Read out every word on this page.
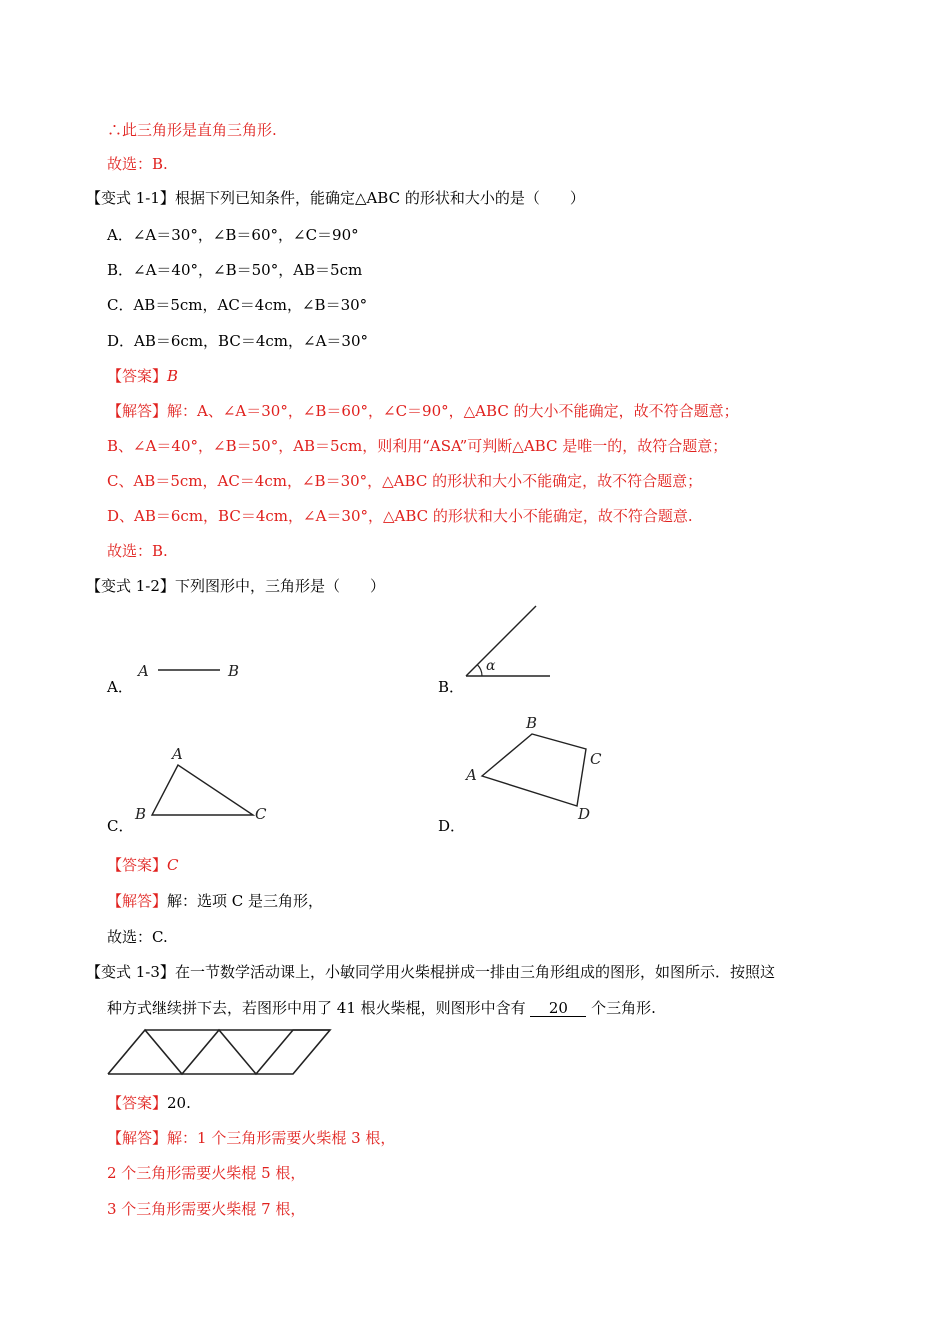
∴此三角形是直角三角形.
故选：B.
【变式 1-1】根据下列已知条件，能确定△ABC 的形状和大小的是（　　）
A．∠A＝30°，∠B＝60°，∠C＝90°
B．∠A＝40°，∠B＝50°，AB＝5cm
C．AB＝5cm，AC＝4cm，∠B＝30°
D．AB＝6cm，BC＝4cm，∠A＝30°
【答案】B
【解答】解：A、∠A＝30°，∠B＝60°，∠C＝90°，△ABC 的大小不能确定，故不符合题意；
B、∠A＝40°，∠B＝50°，AB＝5cm，则利用“ASA”可判断△ABC 是唯一的，故符合题意；
C、AB＝5cm，AC＝4cm，∠B＝30°，△ABC 的形状和大小不能确定，故不符合题意；
D、AB＝6cm，BC＝4cm，∠A＝30°，△ABC 的形状和大小不能确定，故不符合题意.
故选：B.
【变式 1-2】下列图形中，三角形是（　　）
A．
A	B
B．
α
C．
A
B	C
D．
A
B
C
D
【答案】C
【解答】解：选项 C 是三角形，
故选：C.
【变式 1-3】在一节数学活动课上，小敏同学用火柴棍拼成一排由三角形组成的图形，如图所示．按照这
种方式继续拼下去，若图形中用了 41 根火柴棍，则图形中含有 20 个三角形.
【答案】20.
【解答】解：1 个三角形需要火柴棍 3 根，
2 个三角形需要火柴棍 5 根，
3 个三角形需要火柴棍 7 根，
